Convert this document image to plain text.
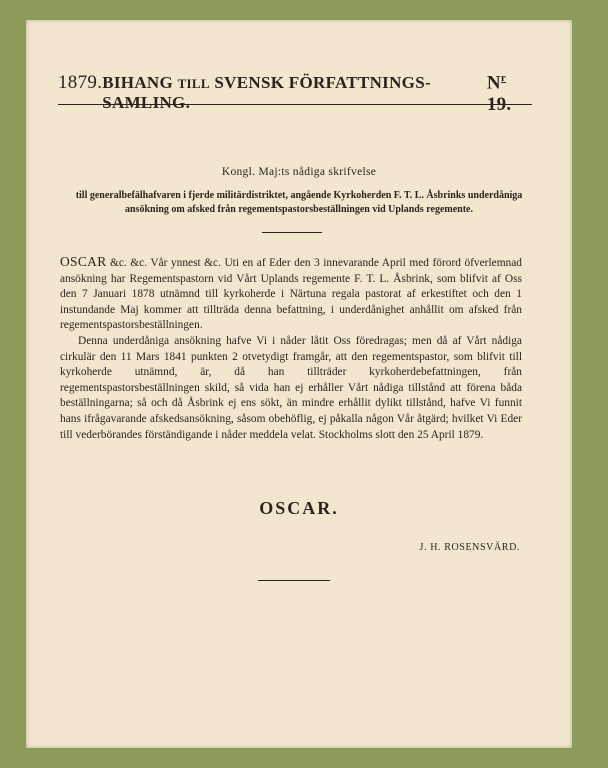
1879. BIHANG TILL SVENSK FÖRFATTNINGS-SAMLING.
$N^r$ 19.
Kongl. Maj:ts nådiga skrifvelse
till generalbefälhafvaren i fjerde militärdistriktet, angående Kyrkoherden F. T. L. Åsbrinks underdåniga ansökning om afsked från regementspastorsbeställningen vid Uplands regemente.

OSCAR &c. &c. Vår ynnest &c. Uti en af Eder den 3 innevarande April med förord öfverlemnad ansökning har Regementspastorn vid Vårt Uplands regemente F. T. L. Åsbrink, som blifvit af Oss den 7 Januari 1878 utnämnd till kyrkoherde i Närtuna regala pastorat af erkestiftet och den 1 instundande Maj kommer att tillträda denna befattning, i underdånighet anhållit om afsked från regementspastorsbeställningen.

Denna underdåniga ansökning hafve Vi i nåder låtit Oss föredragas; men då af Vårt nådiga cirkulär den 11 Mars 1841 punkten 2 otvetydigt framgår, att den regementspastor, som blifvit till kyrkoherde utnämnd, är, då han tillträder kyrkoherdebefattningen, från regementspastorsbeställningen skild, så vida han ej erhåller Vårt nådiga tillstånd att förena båda beställningarna; så och då Åsbrink ej ens sökt, än mindre erhållit dylikt tillstånd, hafve Vi funnit hans ifrågavarande afskedsansökning, såsom obehöflig, ej påkalla någon Vår åtgärd; hvilket Vi Eder till vederbörandes förständigande i nåder meddela velat. Stockholms slott den 25 April 1879.

OSCAR.
J. H. ROSENSVÄRD.
